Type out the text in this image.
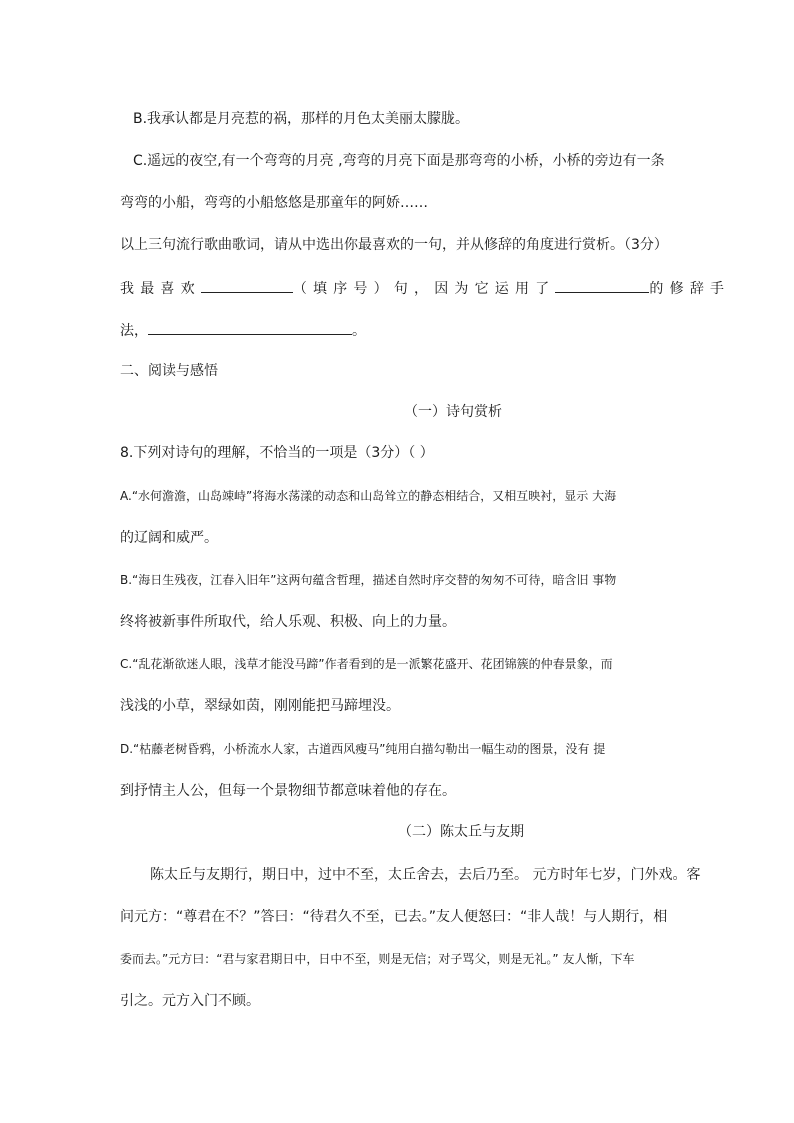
B.我承认都是月亮惹的祸，那样的月色太美丽太朦胧。
C.遥远的夜空,有一个弯弯的月亮 ,弯弯的月亮下面是那弯弯的小桥，小桥的旁边有一条
弯弯的小船，弯弯的小船悠悠是那童年的阿娇……
以上三句流行歌曲歌词，请从中选出你最喜欢的一句，并从修辞的角度进行赏析。（3分）
我最喜欢	（填序号）句，因为它运用了	的修辞手
法，	。
二、阅读与感悟
（一）诗句赏析
8.下列对诗句的理解，不恰当的一项是（3分）（ ）
A.“水何澹澹，山岛竦峙”将海水荡漾的动态和山岛耸立的静态相结合，又相互映衬，显示 大海
的辽阔和威严。
B.“海日生残夜，江春入旧年”这两句蕴含哲理，描述自然时序交替的匆匆不可待，暗含旧 事物
终将被新事件所取代，给人乐观、积极、向上的力量。
C.“乱花渐欲迷人眼，浅草才能没马蹄”作者看到的是一派繁花盛开、花团锦簇的仲春景象，而
浅浅的小草，翠绿如茵，刚刚能把马蹄埋没。
D.“枯藤老树昏鸦，小桥流水人家，古道西风瘦马”纯用白描勾勒出一幅生动的图景，没有 提
到抒情主人公，但每一个景物细节都意味着他的存在。
（二）陈太丘与友期
陈太丘与友期行，期日中，过中不至，太丘舍去，去后乃至。 元方时年七岁，门外戏。客
问元方：“尊君在不？”答曰：“待君久不至，已去。”友人便怒曰：“非人哉！与人期行，相
委而去。”元方曰：“君与家君期日中，日中不至，则是无信；对子骂父，则是无礼。” 友人惭，下车
引之。元方入门不顾。
